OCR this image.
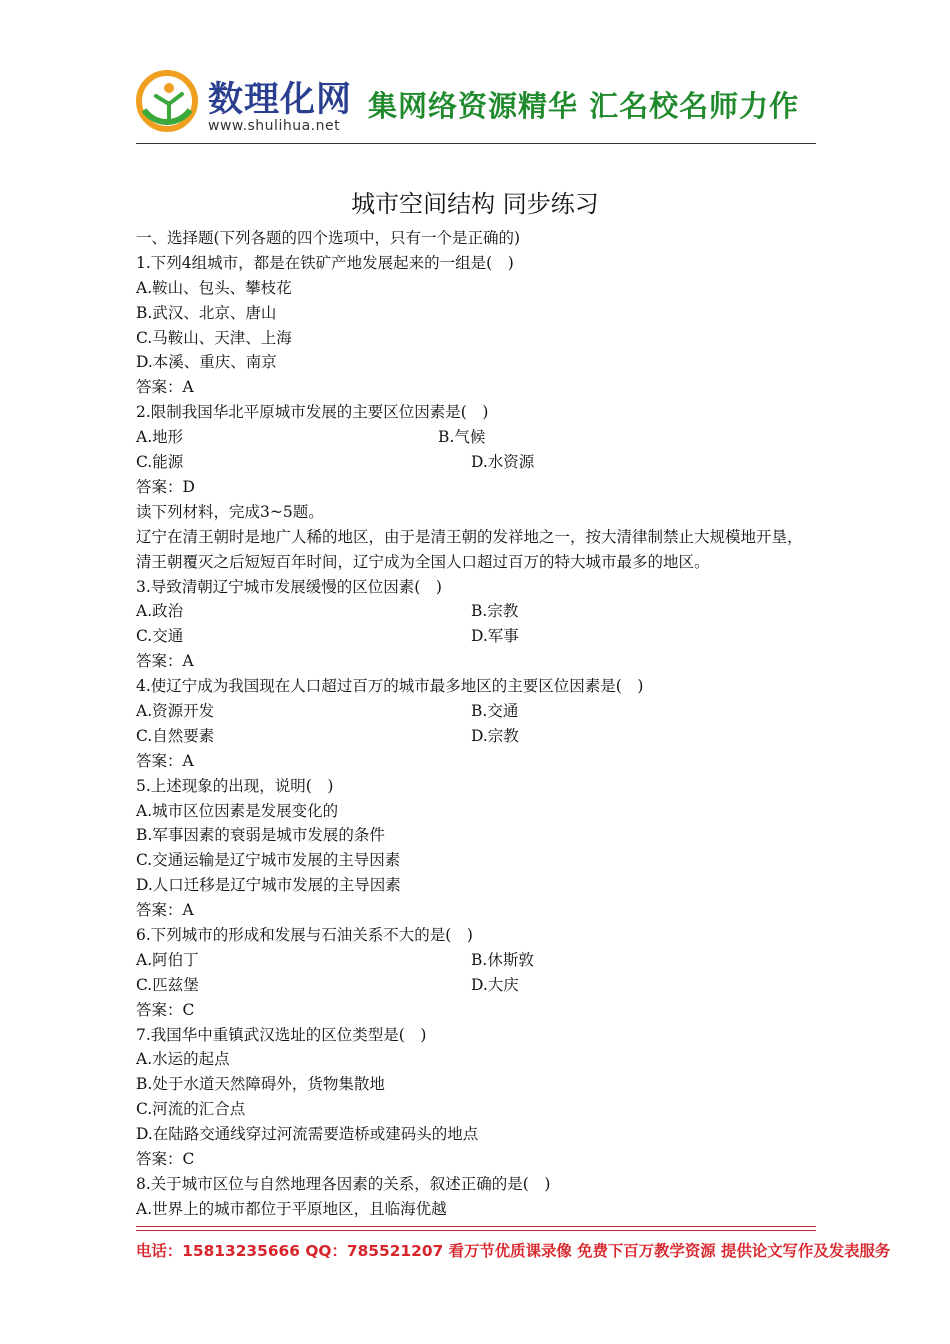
数理化网
www.shulihua.net
集网络资源精华 汇名校名师力作
城市空间结构 同步练习
一、选择题(下列各题的四个选项中，只有一个是正确的)
1.下列4组城市，都是在铁矿产地发展起来的一组是(　)
A.鞍山、包头、攀枝花
B.武汉、北京、唐山
C.马鞍山、天津、上海
D.本溪、重庆、南京
答案：A
2.限制我国华北平原城市发展的主要区位因素是(　)
A.地形	B.气候
C.能源	D.水资源
答案：D
读下列材料，完成3~5题。
辽宁在清王朝时是地广人稀的地区，由于是清王朝的发祥地之一，按大清律制禁止大规模地开垦，清王朝覆灭之后短短百年时间，辽宁成为全国人口超过百万的特大城市最多的地区。
3.导致清朝辽宁城市发展缓慢的区位因素(　)
A.政治	B.宗教
C.交通	D.军事
答案：A
4.使辽宁成为我国现在人口超过百万的城市最多地区的主要区位因素是(　)
A.资源开发	B.交通
C.自然要素	D.宗教
答案：A
5.上述现象的出现，说明(　)
A.城市区位因素是发展变化的
B.军事因素的衰弱是城市发展的条件
C.交通运输是辽宁城市发展的主导因素
D.人口迁移是辽宁城市发展的主导因素
答案：A
6.下列城市的形成和发展与石油关系不大的是(　)
A.阿伯丁	B.休斯敦
C.匹兹堡	D.大庆
答案：C
7.我国华中重镇武汉选址的区位类型是(　)
A.水运的起点
B.处于水道天然障碍外，货物集散地
C.河流的汇合点
D.在陆路交通线穿过河流需要造桥或建码头的地点
答案：C
8.关于城市区位与自然地理各因素的关系，叙述正确的是(　)
A.世界上的城市都位于平原地区，且临海优越
电话：15813235666 QQ：785521207 看万节优质课录像 免费下百万教学资源 提供论文写作及发表服务
